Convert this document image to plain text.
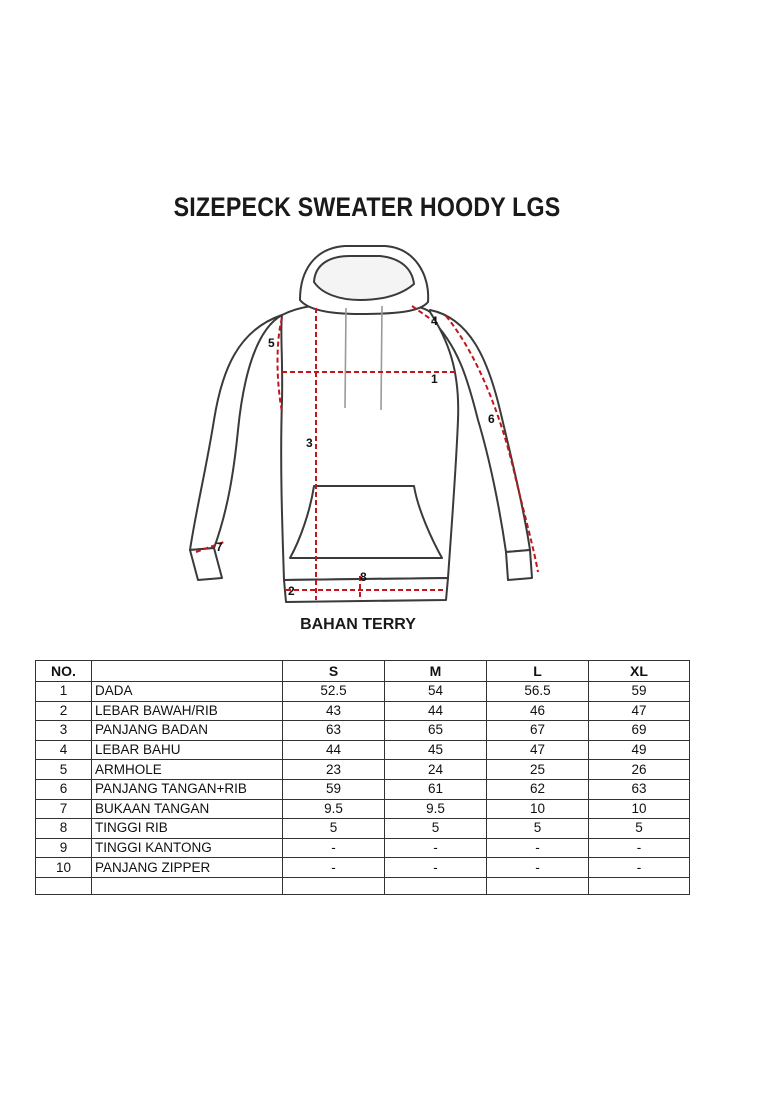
SIZEPECK SWEATER HOODY LGS
1
2
3
4
5
6
7
8
BAHAN TERRY
NO.		S	M	L	XL
1	DADA	52.5	54	56.5	59
2	LEBAR BAWAH/RIB	43	44	46	47
3	PANJANG BADAN	63	65	67	69
4	LEBAR BAHU	44	45	47	49
5	ARMHOLE	23	24	25	26
6	PANJANG TANGAN+RIB	59	61	62	63
7	BUKAAN TANGAN	9.5	9.5	10	10
8	TINGGI RIB	5	5	5	5
9	TINGGI KANTONG	-	-	-	-
10	PANJANG ZIPPER	-	-	-	-
